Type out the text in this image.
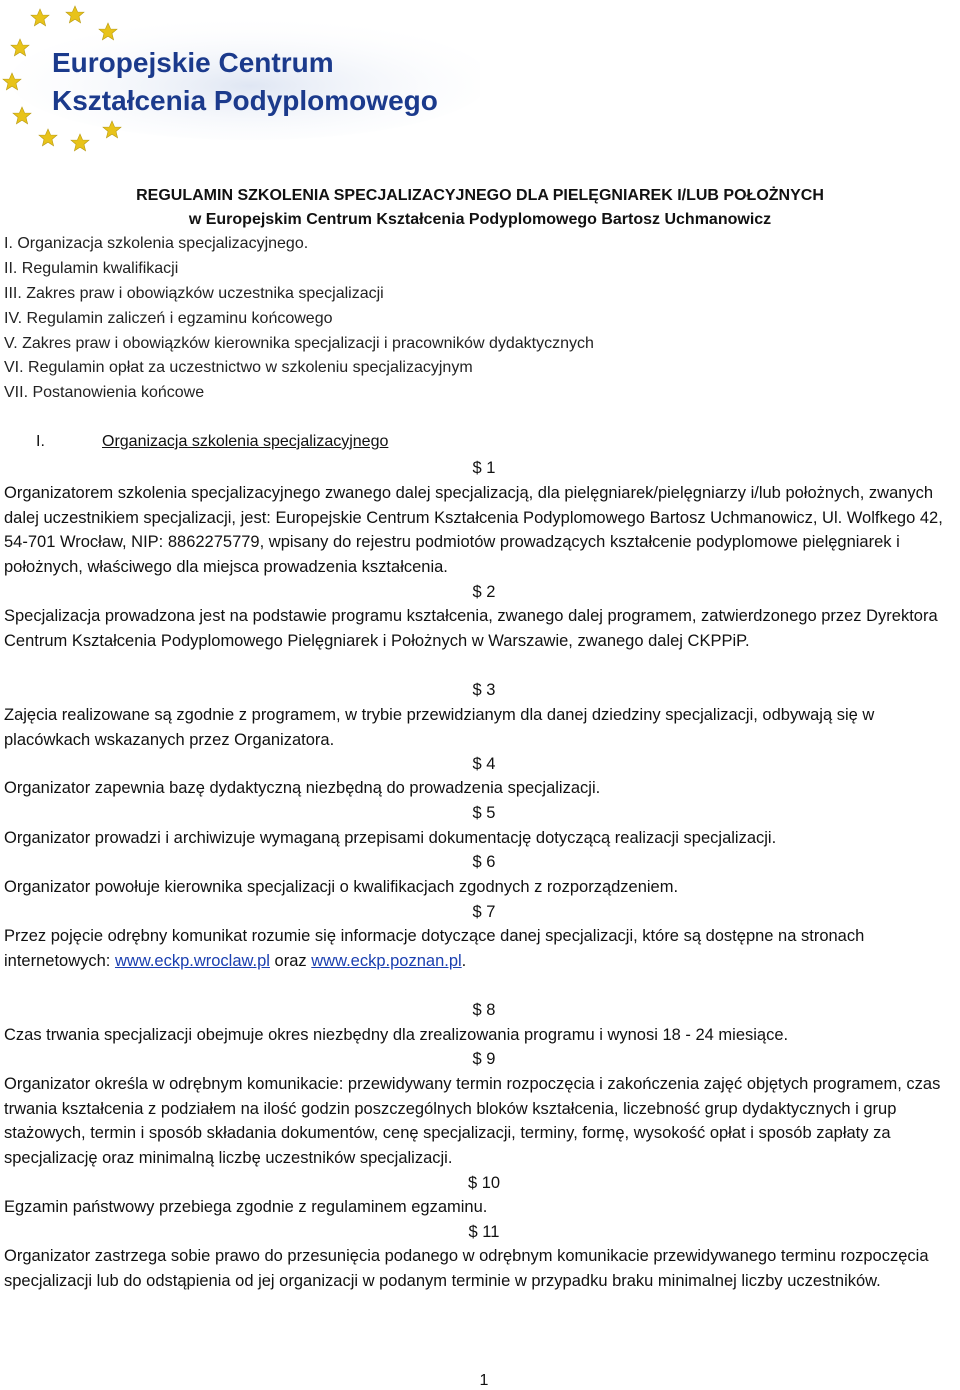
Europejskie Centrum
Kształcenia Podyplomowego
REGULAMIN SZKOLENIA SPECJALIZACYJNEGO DLA PIELĘGNIAREK I/LUB POŁOŻNYCH
w Europejskim Centrum Kształcenia Podyplomowego Bartosz Uchmanowicz
I. Organizacja szkolenia specjalizacyjnego.
II. Regulamin kwalifikacji
III. Zakres praw i obowiązków uczestnika specjalizacji
IV. Regulamin zaliczeń i egzaminu końcowego
V. Zakres praw i obowiązków kierownika specjalizacji i pracowników dydaktycznych
VI. Regulamin opłat za uczestnictwo w szkoleniu specjalizacyjnym
VII. Postanowienia końcowe
I.	Organizacja szkolenia specjalizacyjnego
$ 1
Organizatorem szkolenia specjalizacyjnego zwanego dalej specjalizacją, dla pielęgniarek/pielęgniarzy i/lub położnych, zwanych dalej uczestnikiem specjalizacji, jest: Europejskie Centrum Kształcenia Podyplomowego Bartosz Uchmanowicz, Ul. Wolfkego 42, 54-701 Wrocław, NIP: 8862275779, wpisany do rejestru podmiotów prowadzących kształcenie podyplomowe pielęgniarek i położnych, właściwego dla miejsca prowadzenia kształcenia.
$ 2
Specjalizacja prowadzona jest na podstawie programu kształcenia, zwanego dalej programem, zatwierdzonego przez Dyrektora Centrum Kształcenia Podyplomowego Pielęgniarek i Położnych w Warszawie, zwanego dalej CKPPiP.
$ 3
Zajęcia realizowane są zgodnie z programem, w trybie przewidzianym dla danej dziedziny specjalizacji, odbywają się w placówkach wskazanych przez Organizatora.
$ 4
Organizator zapewnia bazę dydaktyczną niezbędną do prowadzenia specjalizacji.
$ 5
Organizator prowadzi i archiwizuje wymaganą przepisami dokumentację dotyczącą realizacji specjalizacji.
$ 6
Organizator powołuje kierownika specjalizacji o kwalifikacjach zgodnych z rozporządzeniem.
$ 7
Przez pojęcie odrębny komunikat rozumie się informacje dotyczące danej specjalizacji, które są dostępne na stronach internetowych: www.eckp.wroclaw.pl oraz www.eckp.poznan.pl.
$ 8
Czas trwania specjalizacji obejmuje okres niezbędny dla zrealizowania programu i wynosi 18 - 24 miesiące.
$ 9
Organizator określa w odrębnym komunikacie: przewidywany termin rozpoczęcia i zakończenia zajęć objętych programem, czas trwania kształcenia z podziałem na ilość godzin poszczególnych bloków kształcenia, liczebność grup dydaktycznych i grup stażowych, termin i sposób składania dokumentów, cenę specjalizacji, terminy, formę, wysokość opłat i sposób zapłaty za specjalizację oraz minimalną liczbę uczestników specjalizacji.
$ 10
Egzamin państwowy przebiega zgodnie z regulaminem egzaminu.
$ 11
Organizator zastrzega sobie prawo do przesunięcia podanego w odrębnym komunikacie przewidywanego terminu rozpoczęcia specjalizacji lub do odstąpienia od jej organizacji w podanym terminie w przypadku braku minimalnej liczby uczestników.
1
